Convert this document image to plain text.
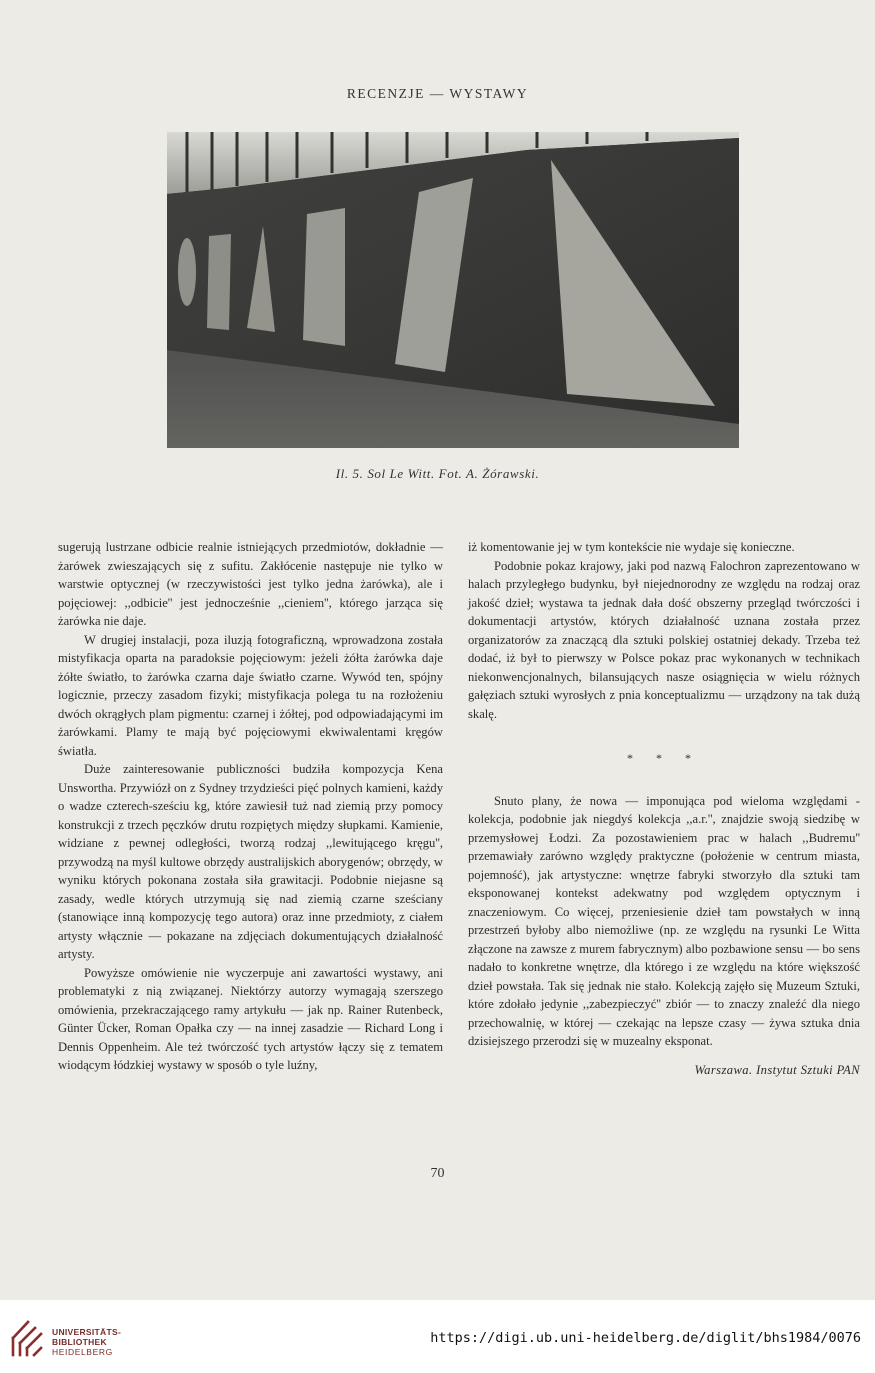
RECENZJE — WYSTAWY
Il. 5. Sol Le Witt. Fot. A. Żórawski.

sugerują lustrzane odbicie realnie istniejących przedmiotów, dokładnie — żarówek zwieszających się z sufitu. Zakłócenie następuje nie tylko w warstwie optycznej (w rzeczywistości jest tylko jedna żarówka), ale i pojęciowej: ,,odbicie'' jest jednocześnie ,,cieniem'', którego jarząca się żarówka nie daje.

W drugiej instalacji, poza iluzją fotograficzną, wprowadzona została mistyfikacja oparta na paradoksie pojęciowym: jeżeli żółta żarówka daje żółte światło, to żarówka czarna daje światło czarne. Wywód ten, spójny logicznie, przeczy zasadom fizyki; mistyfikacja polega tu na rozłożeniu dwóch okrągłych plam pigmentu: czarnej i żółtej, pod odpowiadającymi im żarówkami. Plamy te mają być pojęciowymi ekwiwalentami kręgów światła.

Duże zainteresowanie publiczności budziła kompozycja Kena Unswortha. Przywiózł on z Sydney trzydzieści pięć polnych kamieni, każdy o wadze czterech-sześciu kg, które zawiesił tuż nad ziemią przy pomocy konstrukcji z trzech pęczków drutu rozpiętych między słupkami. Kamienie, widziane z pewnej odległości, tworzą rodzaj ,,lewitującego kręgu'', przywodzą na myśl kultowe obrzędy australijskich aborygenów; obrzędy, w wyniku których pokonana została siła grawitacji. Podobnie niejasne są zasady, wedle których utrzymują się nad ziemią czarne sześciany (stanowiące inną kompozycję tego autora) oraz inne przedmioty, z ciałem artysty włącznie — pokazane na zdjęciach dokumentujących działalność artysty.

Powyższe omówienie nie wyczerpuje ani zawartości wystawy, ani problematyki z nią związanej. Niektórzy autorzy wymagają szerszego omówienia, przekraczającego ramy artykułu — jak np. Rainer Rutenbeck, Günter Ücker, Roman Opałka czy — na innej zasadzie — Richard Long i Dennis Oppenheim. Ale też twórczość tych artystów łączy się z tematem wiodącym łódzkiej wystawy w sposób o tyle luźny,

iż komentowanie jej w tym kontekście nie wydaje się konieczne.

Podobnie pokaz krajowy, jaki pod nazwą Falochron zaprezentowano w halach przyległego budynku, był niejednorodny ze względu na rodzaj oraz jakość dzieł; wystawa ta jednak dała dość obszerny przegląd twórczości i dokumentacji artystów, których działalność uznana została przez organizatorów za znaczącą dla sztuki polskiej ostatniej dekady. Trzeba też dodać, iż był to pierwszy w Polsce pokaz prac wykonanych w technikach niekonwencjonalnych, bilansujących nasze osiągnięcia w wielu różnych gałęziach sztuki wyrosłych z pnia konceptualizmu — urządzony na tak dużą skalę.

* * *

Snuto plany, że nowa — imponująca pod wieloma względami - kolekcja, podobnie jak niegdyś kolekcja ,,a.r.'', znajdzie swoją siedzibę w przemysłowej Łodzi. Za pozostawieniem prac w halach ,,Budremu'' przemawiały zarówno względy praktyczne (położenie w centrum miasta, pojemność), jak artystyczne: wnętrze fabryki stworzyło dla sztuki tam eksponowanej kontekst adekwatny pod względem optycznym i znaczeniowym. Co więcej, przeniesienie dzieł tam powstałych w inną przestrzeń byłoby albo niemożliwe (np. ze względu na rysunki Le Witta złączone na zawsze z murem fabrycznym) albo pozbawione sensu — bo sens nadało to konkretne wnętrze, dla którego i ze względu na które większość dzieł powstała. Tak się jednak nie stało. Kolekcją zajęło się Muzeum Sztuki, które zdołało jedynie ,,zabezpieczyć'' zbiór — to znaczy znaleźć dla niego przechowalnię, w której — czekając na lepsze czasy — żywa sztuka dnia dzisiejszego przerodzi się w muzealny eksponat.

Warszawa. Instytut Sztuki PAN
70
UNIVERSITÄTS-
BIBLIOTHEK
HEIDELBERG
https://digi.ub.uni-heidelberg.de/diglit/bhs1984/0076
